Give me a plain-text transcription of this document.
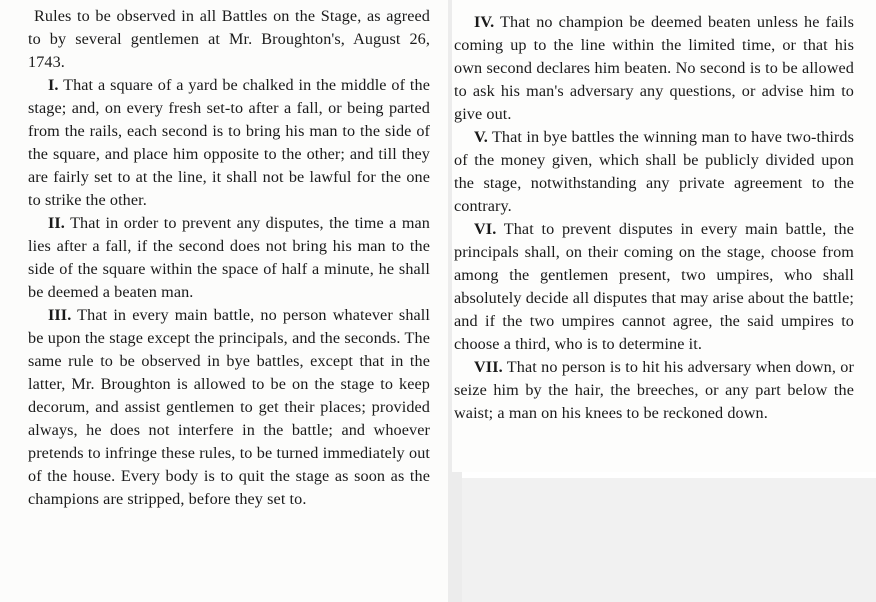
Rules to be observed in all Battles on the Stage, as agreed to by several gentlemen at Mr. Broughton's, August 26, 1743.

I. That a square of a yard be chalked in the middle of the stage; and, on every fresh set-to after a fall, or being parted from the rails, each second is to bring his man to the side of the square, and place him opposite to the other; and till they are fairly set to at the line, it shall not be lawful for the one to strike the other.

II. That in order to prevent any disputes, the time a man lies after a fall, if the second does not bring his man to the side of the square within the space of half a minute, he shall be deemed a beaten man.

III. That in every main battle, no person whatever shall be upon the stage except the principals, and the seconds. The same rule to be observed in bye battles, except that in the latter, Mr. Broughton is allowed to be on the stage to keep decorum, and assist gentlemen to get their places; provided always, he does not interfere in the battle; and whoever pretends to infringe these rules, to be turned immediately out of the house. Every body is to quit the stage as soon as the champions are stripped, before they set to.

IV. That no champion be deemed beaten unless he fails coming up to the line within the limited time, or that his own second declares him beaten. No second is to be allowed to ask his man's adversary any questions, or advise him to give out.

V. That in bye battles the winning man to have two-thirds of the money given, which shall be publicly divided upon the stage, notwithstanding any private agreement to the contrary.

VI. That to prevent disputes in every main battle, the principals shall, on their coming on the stage, choose from among the gentlemen present, two umpires, who shall absolutely decide all disputes that may arise about the battle; and if the two umpires cannot agree, the said umpires to choose a third, who is to determine it.

VII. That no person is to hit his adversary when down, or seize him by the hair, the breeches, or any part below the waist; a man on his knees to be reckoned down.
